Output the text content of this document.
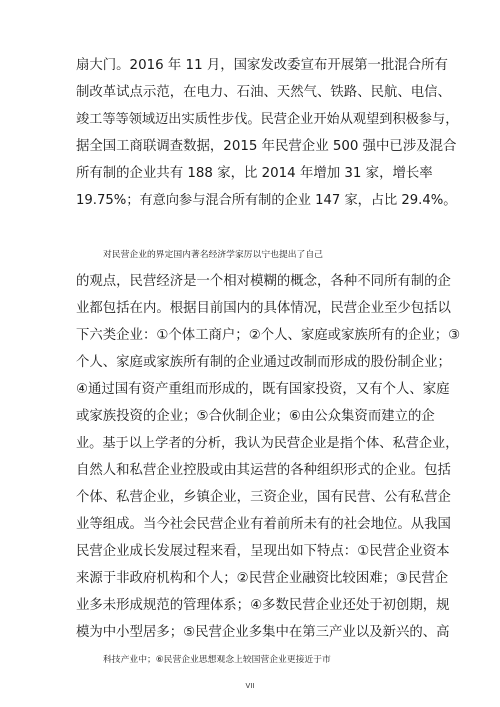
扇大门。2016 年 11 月，国家发改委宣布开展第一批混合所有
制改革试点示范，在电力、石油、天然气、铁路、民航、电信、
竣工等等领域迈出实质性步伐。民营企业开始从观望到积极参与，
据全国工商联调查数据，2015 年民营企业 500 强中已涉及混合
所有制的企业共有 188 家，比 2014 年增加 31 家，增长率
19.75%；有意向参与混合所有制的企业 147 家，占比 29.4%。
对民营企业的界定国内著名经济学家厉以宁也提出了自己
的观点，民营经济是一个相对模糊的概念，各种不同所有制的企
业都包括在内。根据目前国内的具体情况，民营企业至少包括以
下六类企业：①个体工商户；②个人、家庭或家族所有的企业；③
个人、家庭或家族所有制的企业通过改制而形成的股份制企业；
④通过国有资产重组而形成的，既有国家投资，又有个人、家庭
或家族投资的企业；⑤合伙制企业；⑥由公众集资而建立的企
业。基于以上学者的分析，我认为民营企业是指个体、私营企业，
自然人和私营企业控股或由其运营的各种组织形式的企业。包括
个体、私营企业，乡镇企业，三资企业，国有民营、公有私营企
业等组成。当今社会民营企业有着前所未有的社会地位。从我国
民营企业成长发展过程来看，呈现出如下特点：①民营企业资本
来源于非政府机构和个人；②民营企业融资比较困难；③民营企
业多未形成规范的管理体系；④多数民营企业还处于初创期，规
模为中小型居多；⑤民营企业多集中在第三产业以及新兴的、高
科技产业中；⑥民营企业思想观念上较国营企业更接近于市
VII
